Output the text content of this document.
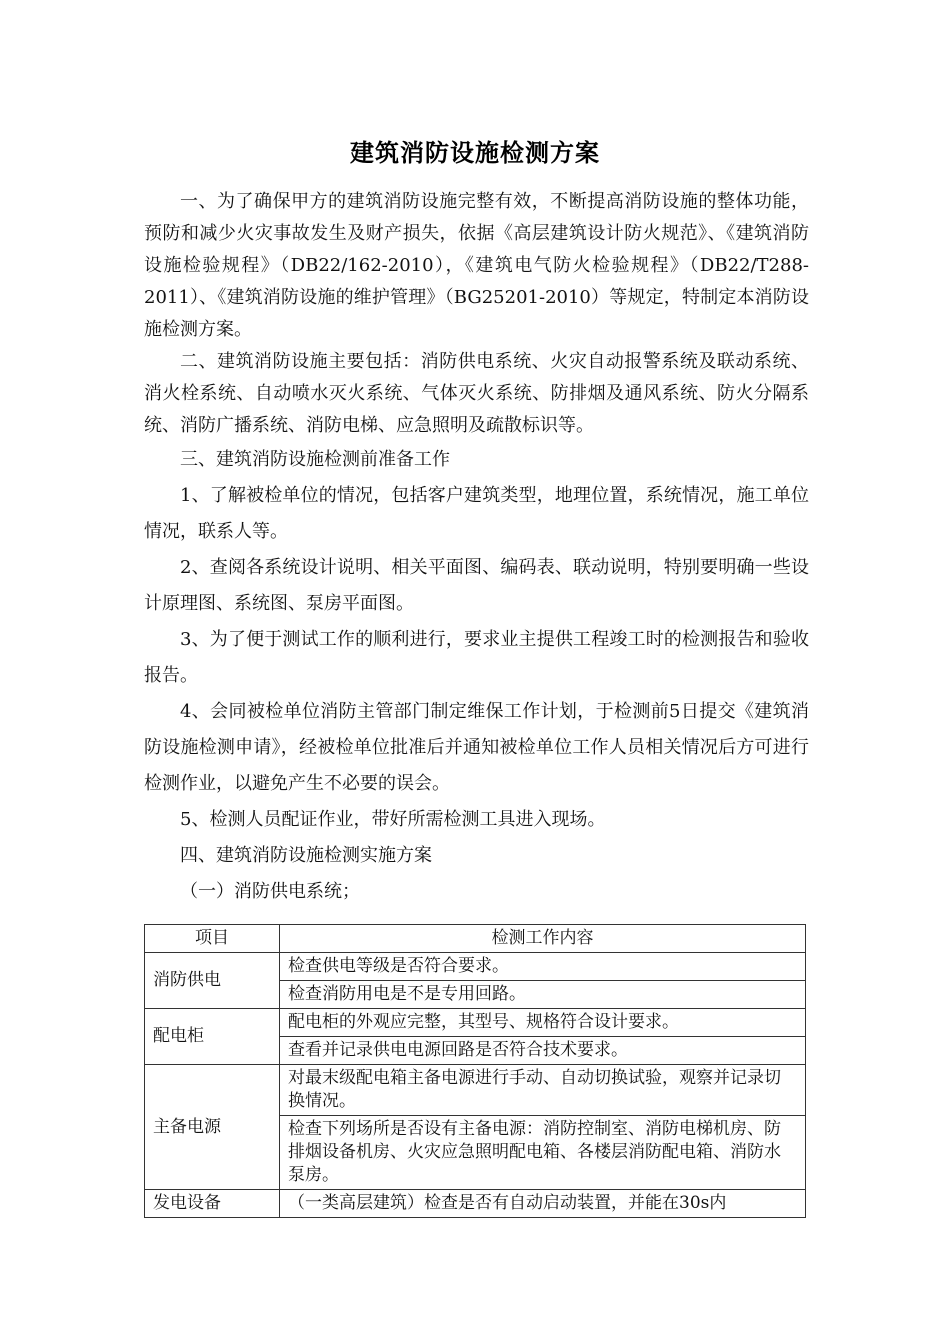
建筑消防设施检测方案

一、为了确保甲方的建筑消防设施完整有效，不断提高消防设施的整体功能，预防和减少火灾事故发生及财产损失，依据《高层建筑设计防火规范》、《建筑消防设施检验规程》（DB22/162-2010），《建筑电气防火检验规程》（DB22/T288-2011）、《建筑消防设施的维护管理》（BG25201-2010）等规定，特制定本消防设施检测方案。

二、建筑消防设施主要包括：消防供电系统、火灾自动报警系统及联动系统、消火栓系统、自动喷水灭火系统、气体灭火系统、防排烟及通风系统、防火分隔系统、消防广播系统、消防电梯、应急照明及疏散标识等。

三、建筑消防设施检测前准备工作

1、了解被检单位的情况，包括客户建筑类型，地理位置，系统情况，施工单位情况，联系人等。

2、查阅各系统设计说明、相关平面图、编码表、联动说明，特别要明确一些设计原理图、系统图、泵房平面图。

3、为了便于测试工作的顺利进行，要求业主提供工程竣工时的检测报告和验收报告。

4、会同被检单位消防主管部门制定维保工作计划，于检测前5日提交《建筑消防设施检测申请》，经被检单位批准后并通知被检单位工作人员相关情况后方可进行检测作业，以避免产生不必要的误会。

5、检测人员配证作业，带好所需检测工具进入现场。

四、建筑消防设施检测实施方案

（一）消防供电系统；

项目	检测工作内容
消防供电	检查供电等级是否符合要求。
	检查消防用电是不是专用回路。
配电柜	配电柜的外观应完整，其型号、规格符合设计要求。
	查看并记录供电电源回路是否符合技术要求。
主备电源	对最末级配电箱主备电源进行手动、自动切换试验，观察并记录切换情况。
	检查下列场所是否设有主备电源：消防控制室、消防电梯机房、防排烟设备机房、火灾应急照明配电箱、各楼层消防配电箱、消防水泵房。
发电设备	（一类高层建筑）检查是否有自动启动装置，并能在30s内
